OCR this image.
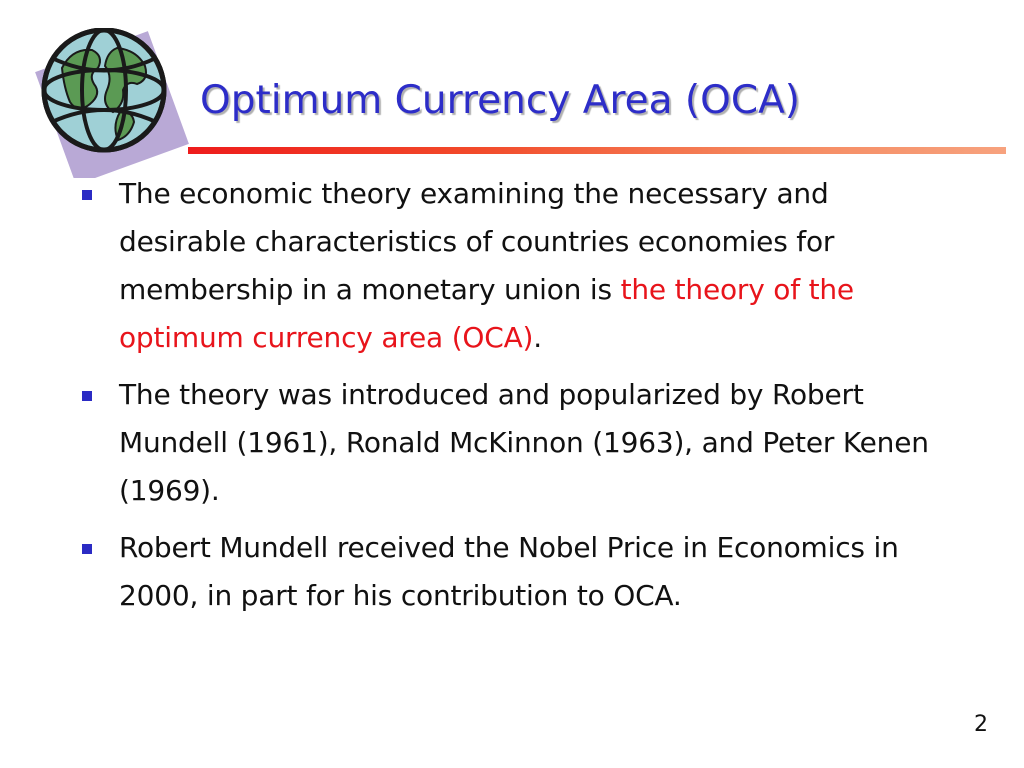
Optimum Currency Area (OCA)
The economic theory examining the necessary and desirable characteristics of countries economies for membership in a monetary union is the theory of the optimum currency area (OCA).
The theory was introduced and popularized by Robert Mundell (1961), Ronald McKinnon (1963), and Peter Kenen (1969).
Robert Mundell received the Nobel Price in Economics in 2000, in part for his contribution to OCA.
2
